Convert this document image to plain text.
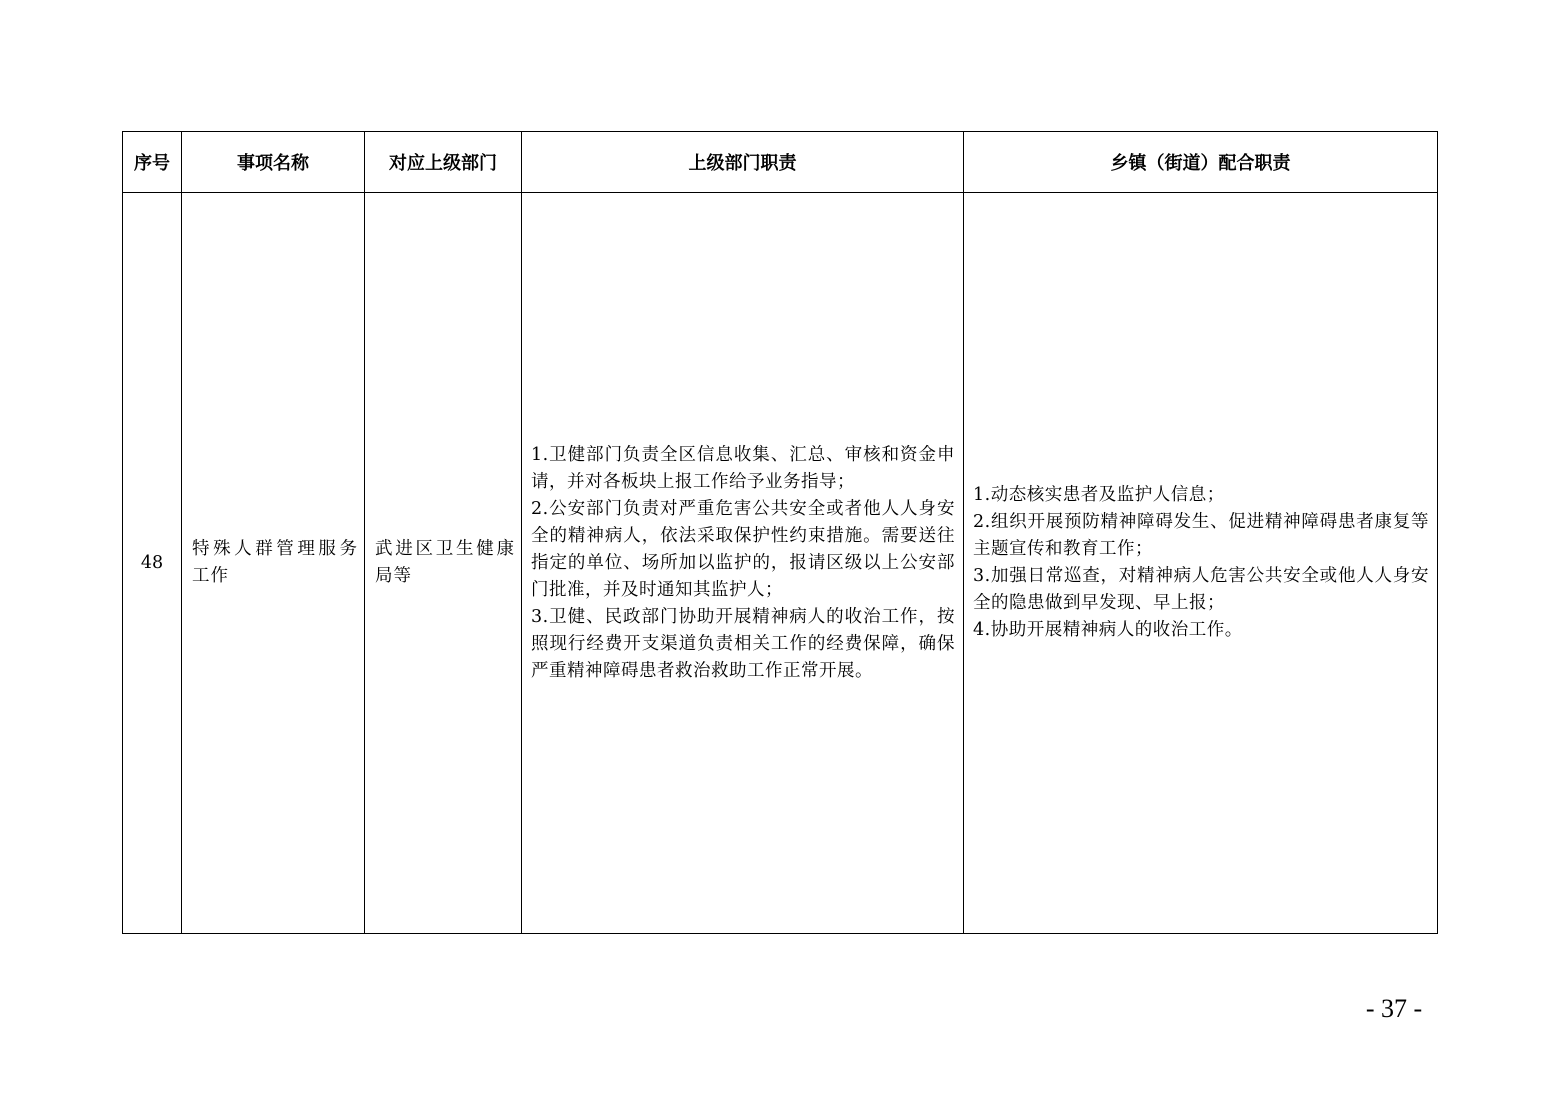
序号	事项名称	对应上级部门	上级部门职责	乡镇（街道）配合职责
48	特殊人群管理服务工作	武进区卫生健康局等	1.卫健部门负责全区信息收集、汇总、审核和资金申请，并对各板块上报工作给予业务指导；
2.公安部门负责对严重危害公共安全或者他人人身安全的精神病人，依法采取保护性约束措施。需要送往指定的单位、场所加以监护的，报请区级以上公安部门批准，并及时通知其监护人；
3.卫健、民政部门协助开展精神病人的收治工作，按照现行经费开支渠道负责相关工作的经费保障，确保严重精神障碍患者救治救助工作正常开展。	1.动态核实患者及监护人信息；
2.组织开展预防精神障碍发生、促进精神障碍患者康复等主题宣传和教育工作；
3.加强日常巡查，对精神病人危害公共安全或他人人身安全的隐患做到早发现、早上报；
4.协助开展精神病人的收治工作。
- 37 -
